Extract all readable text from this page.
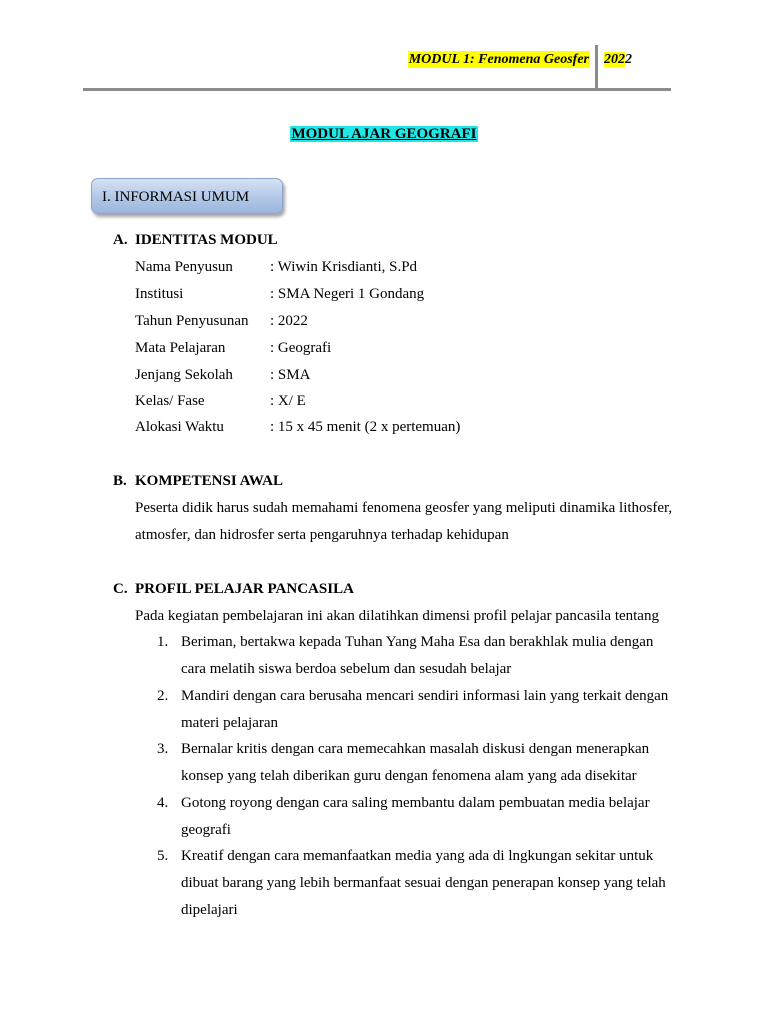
MODUL 1: Fenomena Geosfer 2022
MODUL AJAR GEOGRAFI
I. INFORMASI UMUM
A. IDENTITAS MODUL
Nama Penyusun : Wiwin Krisdianti, S.Pd
Institusi	: SMA Negeri 1 Gondang
Tahun Penyusunan : 2022
Mata Pelajaran	: Geografi
Jenjang Sekolah : SMA
Kelas/ Fase	: X/ E
Alokasi Waktu	: 15 x 45 menit (2 x pertemuan)
B. KOMPETENSI AWAL
Peserta didik harus sudah memahami fenomena geosfer yang meliputi dinamika lithosfer,
atmosfer, dan hidrosfer serta pengaruhnya terhadap kehidupan
C. PROFIL PELAJAR PANCASILA
Pada kegiatan pembelajaran ini akan dilatihkan dimensi profil pelajar pancasila tentang
1. Beriman, bertakwa kepada Tuhan Yang Maha Esa dan berakhlak mulia dengan
cara melatih siswa berdoa sebelum dan sesudah belajar
2. Mandiri dengan cara berusaha mencari sendiri informasi lain yang terkait dengan
materi pelajaran
3. Bernalar kritis dengan cara memecahkan masalah diskusi dengan menerapkan
konsep yang telah diberikan guru dengan fenomena alam yang ada disekitar
4. Gotong royong dengan cara saling membantu dalam pembuatan media belajar
geografi
5. Kreatif dengan cara memanfaatkan media yang ada di lngkungan sekitar untuk
dibuat barang yang lebih bermanfaat sesuai dengan penerapan konsep yang telah
dipelajari
